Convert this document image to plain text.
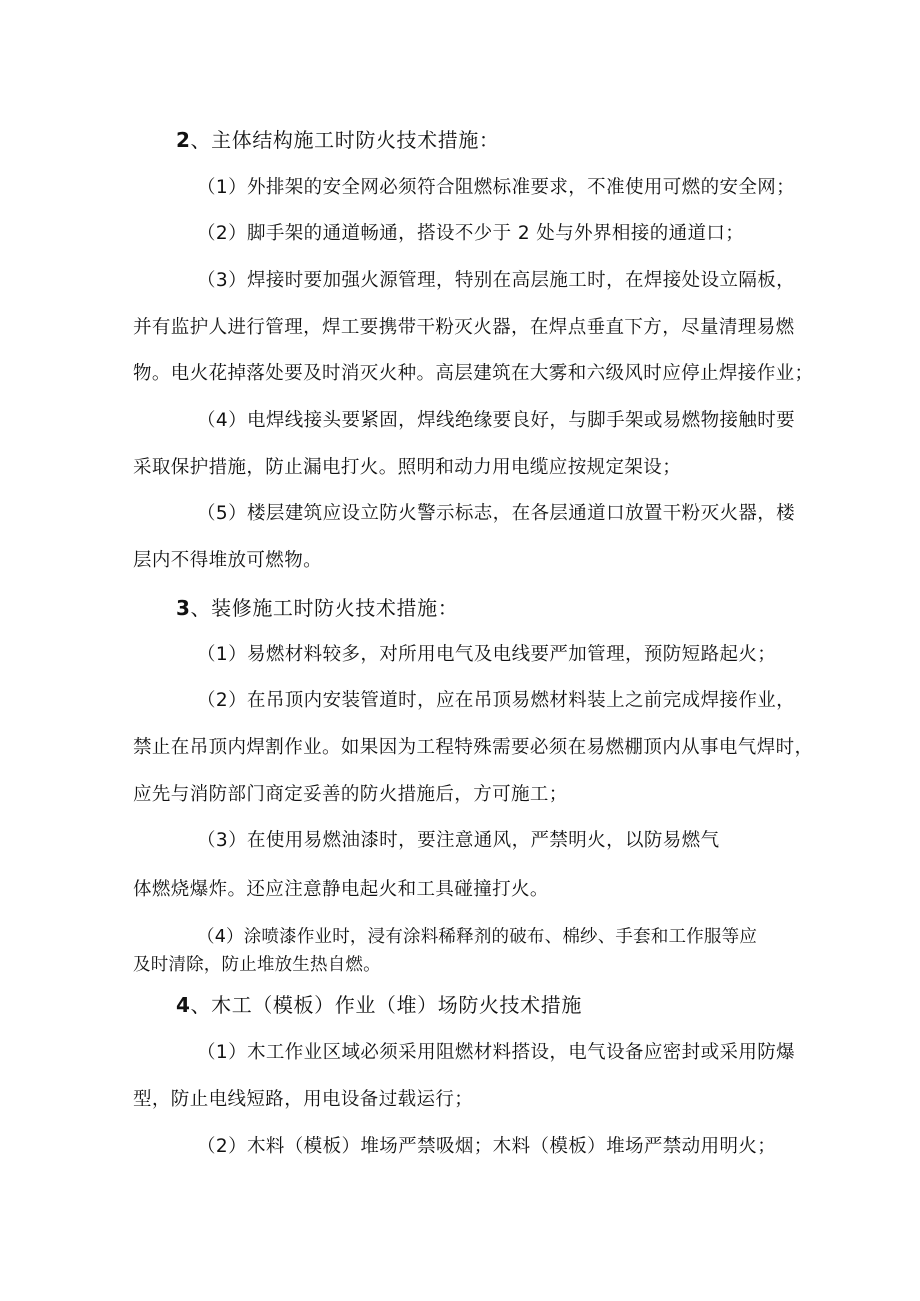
2、主体结构施工时防火技术措施：
（1）外排架的安全网必须符合阻燃标准要求，不准使用可燃的安全网；
（2）脚手架的通道畅通，搭设不少于 2 处与外界相接的通道口；
（3）焊接时要加强火源管理，特别在高层施工时，在焊接处设立隔板，
并有监护人进行管理，焊工要携带干粉灭火器，在焊点垂直下方，尽量清理易燃
物。电火花掉落处要及时消灭火种。高层建筑在大雾和六级风时应停止焊接作业；
（4）电焊线接头要紧固，焊线绝缘要良好，与脚手架或易燃物接触时要
采取保护措施，防止漏电打火。照明和动力用电缆应按规定架设；
（5）楼层建筑应设立防火警示标志，在各层通道口放置干粉灭火器，楼
层内不得堆放可燃物。
3、装修施工时防火技术措施：
（1）易燃材料较多，对所用电气及电线要严加管理，预防短路起火；
（2）在吊顶内安装管道时，应在吊顶易燃材料装上之前完成焊接作业，
禁止在吊顶内焊割作业。如果因为工程特殊需要必须在易燃棚顶内从事电气焊时，
应先与消防部门商定妥善的防火措施后，方可施工；
（3）在使用易燃油漆时，要注意通风，严禁明火，以防易燃气
体燃烧爆炸。还应注意静电起火和工具碰撞打火。
（4）涂喷漆作业时，浸有涂料稀释剂的破布、棉纱、手套和工作服等应
及时清除，防止堆放生热自燃。
4、木工（模板）作业（堆）场防火技术措施
（1）木工作业区域必须采用阻燃材料搭设，电气设备应密封或采用防爆
型，防止电线短路，用电设备过载运行；
（2）木料（模板）堆场严禁吸烟；木料（模板）堆场严禁动用明火；
